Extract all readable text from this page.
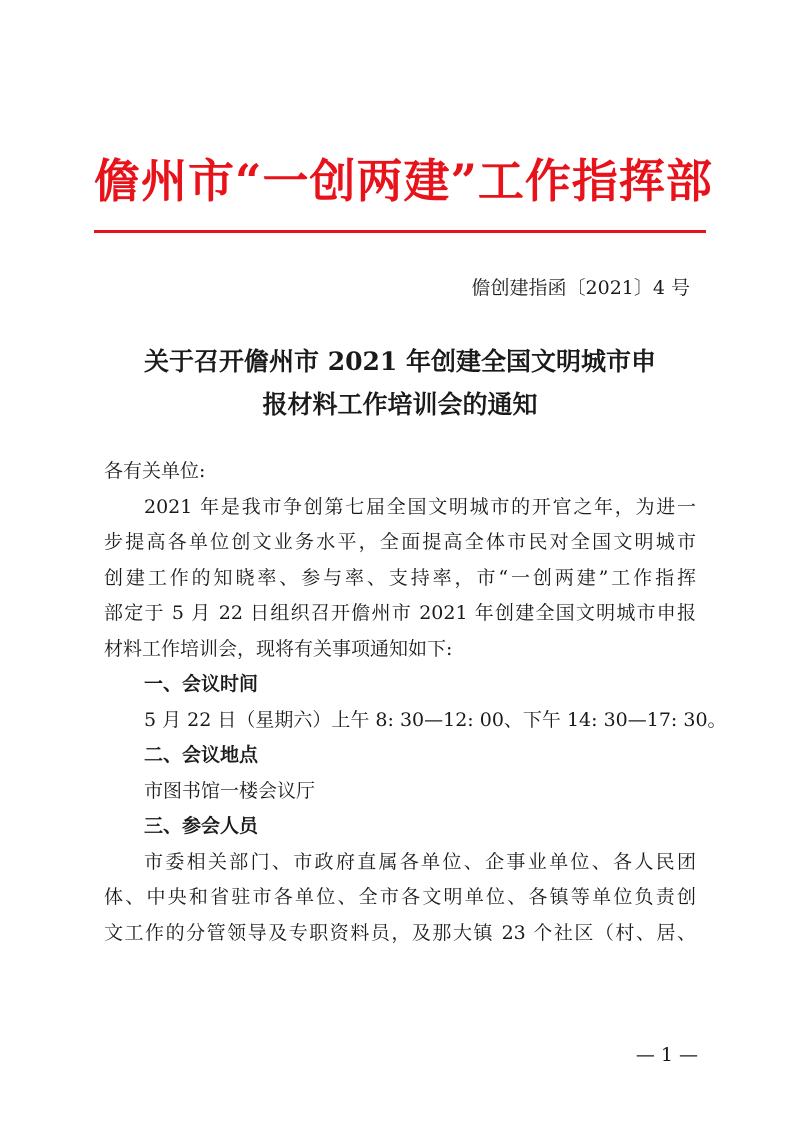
儋州市“一创两建”工作指挥部
儋创建指函〔2021〕4 号
关于召开儋州市 2021 年创建全国文明城市申
报材料工作培训会的通知
各有关单位:
2021 年是我市争创第七届全国文明城市的开官之年，为进一
步提高各单位创文业务水平，全面提高全体市民对全国文明城市
创建工作的知晓率、参与率、支持率，市“一创两建”工作指挥
部定于 5 月 22 日组织召开儋州市 2021 年创建全国文明城市申报
材料工作培训会，现将有关事项通知如下:
一、会议时间
5 月 22 日（星期六）上午 8: 30—12: 00、下午 14: 30—17: 30。
二、会议地点
市图书馆一楼会议厅
三、参会人员
市委相关部门、市政府直属各单位、企事业单位、各人民团
体、中央和省驻市各单位、全市各文明单位、各镇等单位负责创
文工作的分管领导及专职资料员，及那大镇 23 个社区（村、居、
— 1 —
